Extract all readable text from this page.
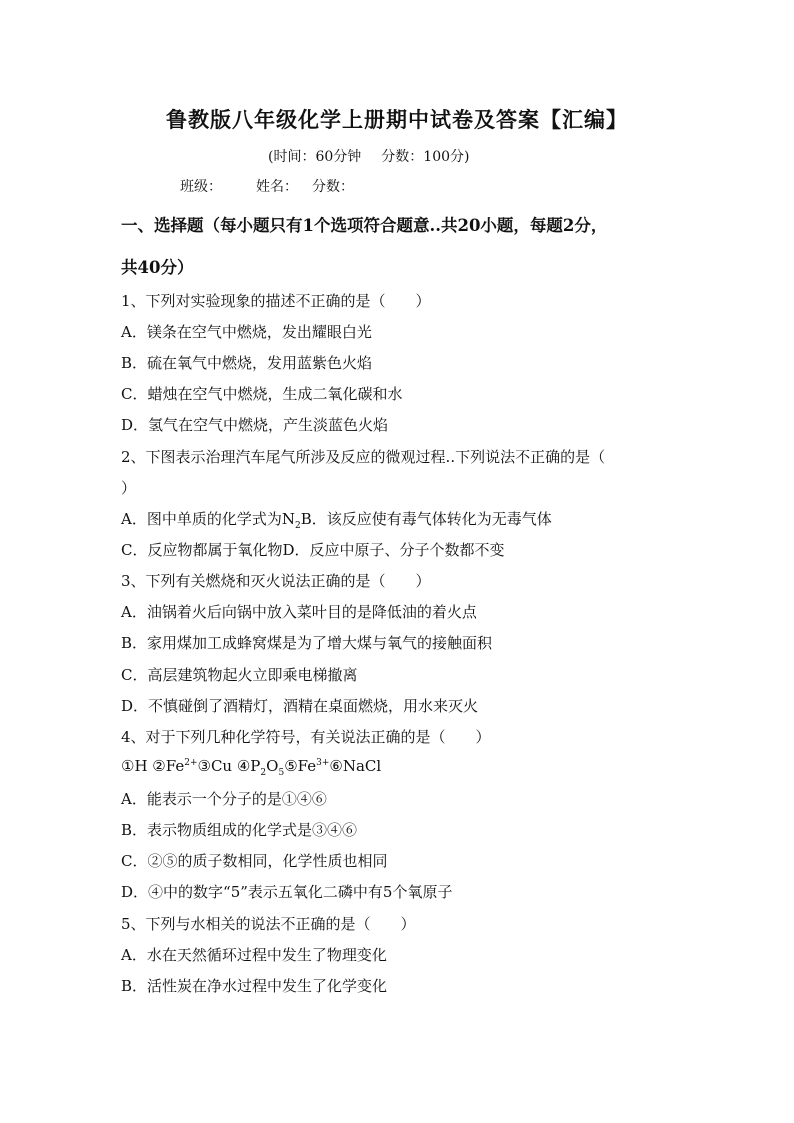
鲁教版八年级化学上册期中试卷及答案【汇编】
(时间：60分钟 分数：100分)
班级： 姓名： 分数：
一、选择题（每小题只有1个选项符合题意..共20小题，每题2分，
共40分）
1、下列对实验现象的描述不正确的是（　　）
A．镁条在空气中燃烧，发出耀眼白光
B．硫在氧气中燃烧，发用蓝紫色火焰
C．蜡烛在空气中燃烧，生成二氧化碳和水
D．氢气在空气中燃烧，产生淡蓝色火焰
2、下图表示治理汽车尾气所涉及反应的微观过程..下列说法不正确的是（
）
A．图中单质的化学式为$N_2B$．该反应使有毒气体转化为无毒气体
C．反应物都属于氧化物D．反应中原子、分子个数都不变
3、下列有关燃烧和灭火说法正确的是（　　）
A．油锅着火后向锅中放入菜叶目的是降低油的着火点
B．家用煤加工成蜂窝煤是为了增大煤与氧气的接触面积
C．高层建筑物起火立即乘电梯撤离
D．不慎碰倒了酒精灯，酒精在桌面燃烧，用水来灭火
4、对于下列几种化学符号，有关说法正确的是（　　）
①H $②Fe^{2+}③Cu$ $④P_2O_5⑤Fe^{3+}⑥NaCl$
A．能表示一个分子的是①④⑥
B．表示物质组成的化学式是③④⑥
C．②⑤的质子数相同，化学性质也相同
D．④中的数字“5”表示五氧化二磷中有5个氧原子
5、下列与水相关的说法不正确的是（　　）
A．水在天然循环过程中发生了物理变化
B．活性炭在净水过程中发生了化学变化
